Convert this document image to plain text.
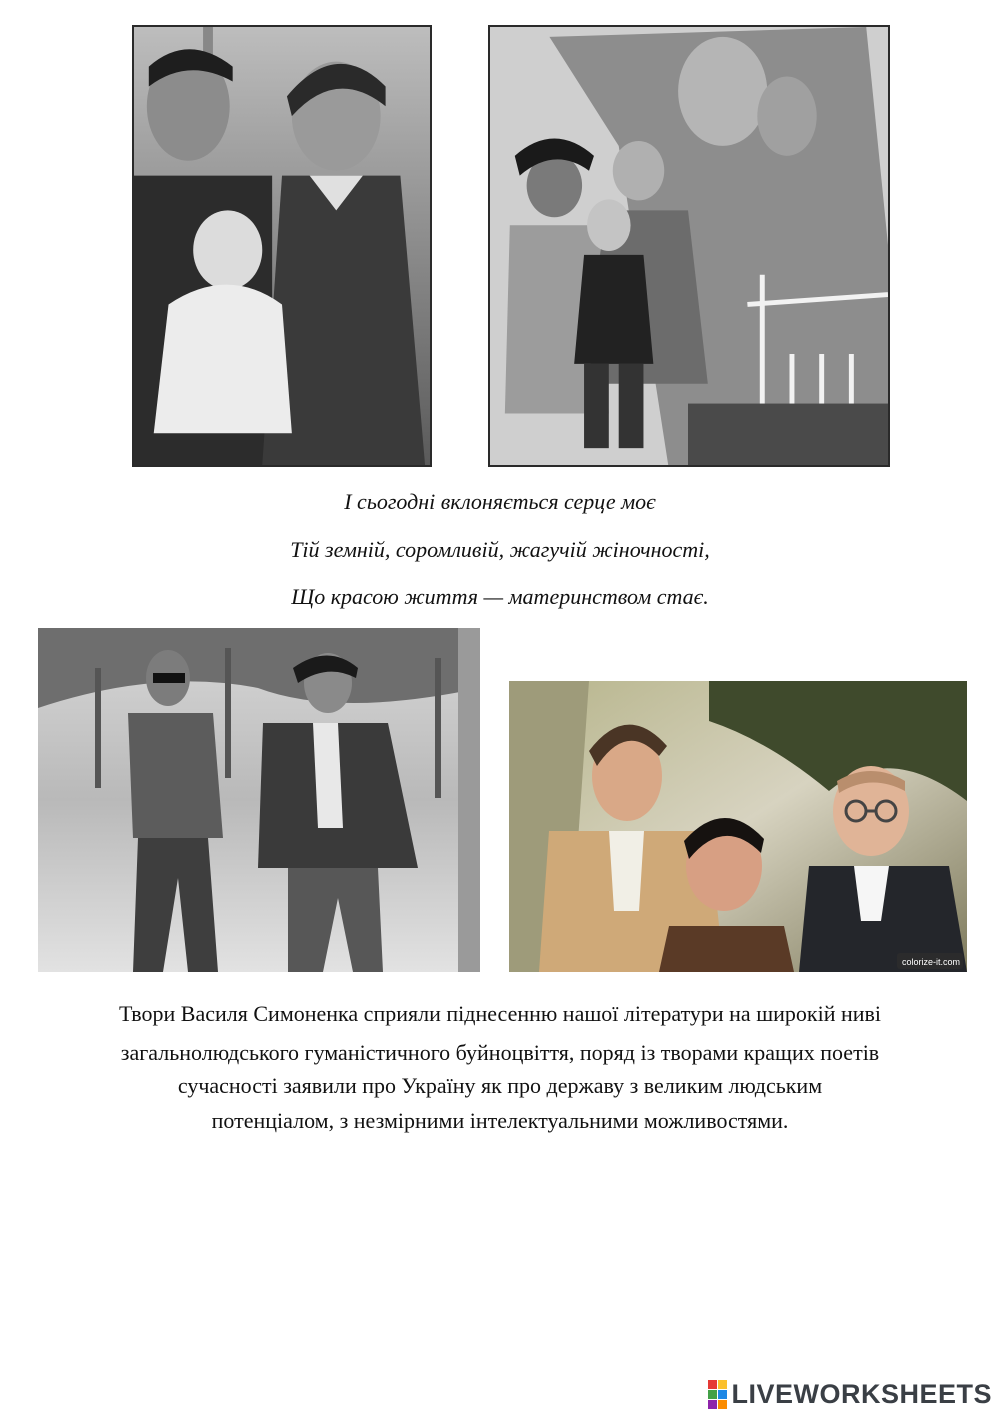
І сьогодні вклоняється серце моє

Тій земній, соромливій, жагучій жіночності,

Що красою життя — материнством стає.

colorize-it.com

Твори Василя Симоненка сприяли піднесенню нашої літератури на широкій ниві

загальнолюдського гуманістичного буйноцвіття, поряд із творами кращих поетів

сучасності заявили про Україну як про державу з великим людським

потенціалом, з незмірними інтелектуальними можливостями.

LIVEWORKSHEETS
